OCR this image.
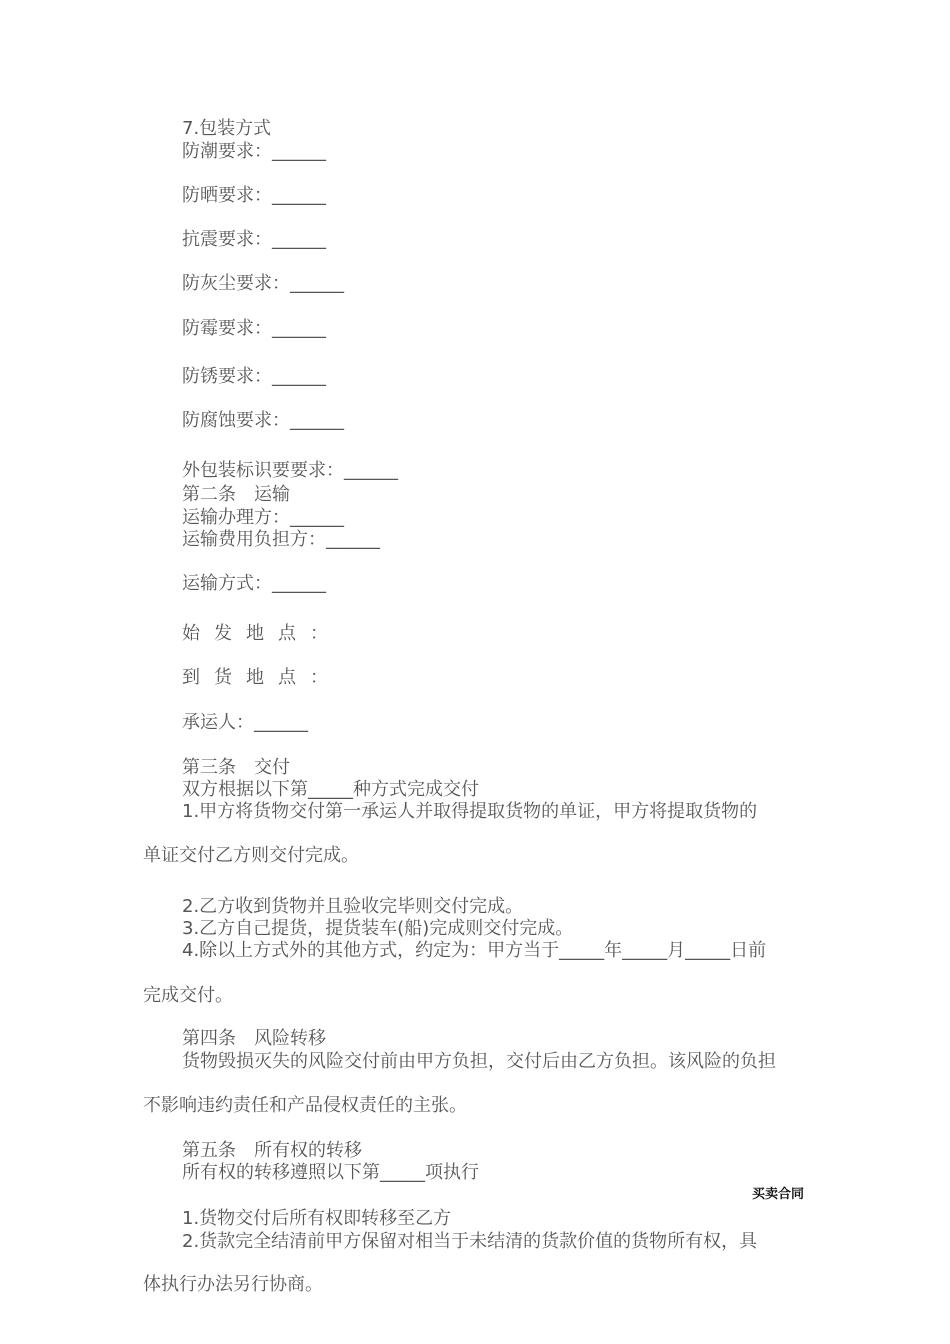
7.包装方式
防潮要求：______
防晒要求：______
抗震要求：______
防灰尘要求：______
防霉要求：______
防锈要求：______
防腐蚀要求：______
外包装标识要要求：______
第二条　运输
运输办理方：______
运输费用负担方：______
运输方式：______
始发地点：
到货地点：
承运人：______
第三条　交付
双方根据以下第_____种方式完成交付
1.甲方将货物交付第一承运人并取得提取货物的单证，甲方将提取货物的
单证交付乙方则交付完成。
2.乙方收到货物并且验收完毕则交付完成。
3.乙方自己提货，提货装车(船)完成则交付完成。
4.除以上方式外的其他方式，约定为：甲方当于_____年_____月_____日前
完成交付。
第四条　风险转移
货物毁损灭失的风险交付前由甲方负担，交付后由乙方负担。该风险的负担
不影响违约责任和产品侵权责任的主张。
第五条　所有权的转移
所有权的转移遵照以下第_____项执行
买卖合同
1.货物交付后所有权即转移至乙方
2.货款完全结清前甲方保留对相当于未结清的货款价值的货物所有权，具
体执行办法另行协商。
